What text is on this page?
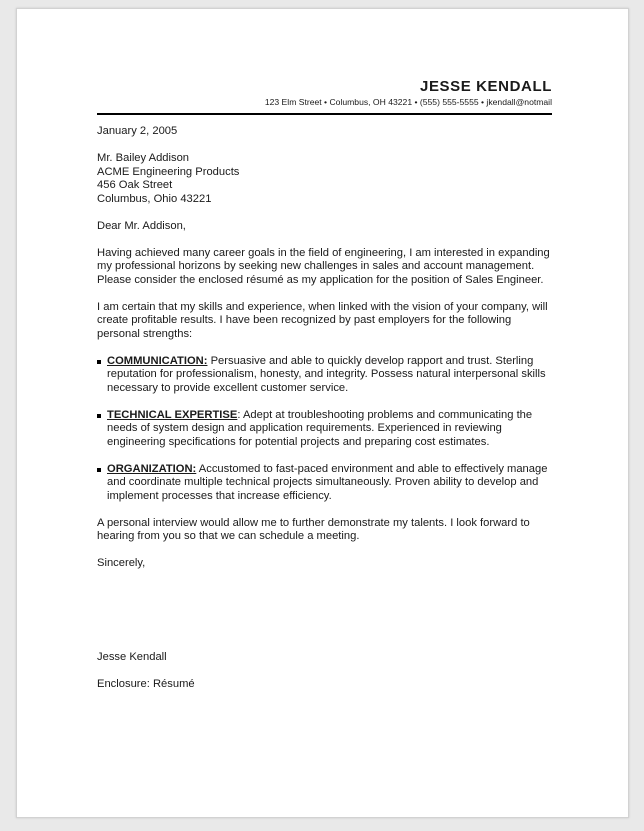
JESSE KENDALL
123 Elm Street • Columbus, OH 43221 • (555) 555-5555 • jkendall@notmail

January 2, 2005

Mr. Bailey Addison
ACME Engineering Products
456 Oak Street
Columbus, Ohio 43221

Dear Mr. Addison,

Having achieved many career goals in the field of engineering, I am interested in expanding my professional horizons by seeking new challenges in sales and account management. Please consider the enclosed résumé as my application for the position of Sales Engineer.

I am certain that my skills and experience, when linked with the vision of your company, will create profitable results. I have been recognized by past employers for the following personal strengths:

COMMUNICATION: Persuasive and able to quickly develop rapport and trust. Sterling reputation for professionalism, honesty, and integrity. Possess natural interpersonal skills necessary to provide excellent customer service.
TECHNICAL EXPERTISE: Adept at troubleshooting problems and communicating the needs of system design and application requirements. Experienced in reviewing engineering specifications for potential projects and preparing cost estimates.
ORGANIZATION: Accustomed to fast-paced environment and able to effectively manage and coordinate multiple technical projects simultaneously. Proven ability to develop and implement processes that increase efficiency.

A personal interview would allow me to further demonstrate my talents. I look forward to hearing from you so that we can schedule a meeting.

Sincerely,

Jesse Kendall

Enclosure: Résumé
